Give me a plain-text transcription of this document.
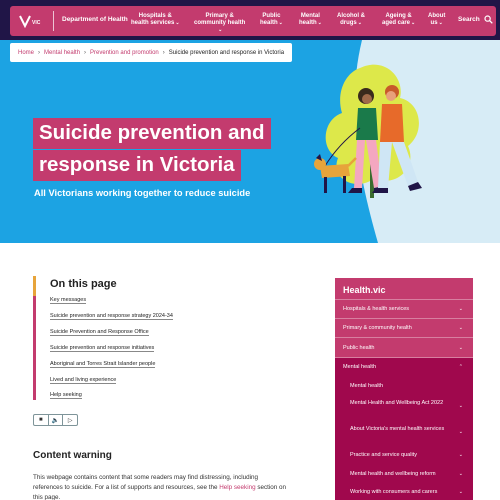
VIC	Department of Health	Hospitals &
health services⌄
Primary &
community health
⌄
Public
health⌄
Mental
health⌄
Alcohol &
drugs⌄
Ageing &
aged care⌄
About
us⌄	Search
Home › Mental health › Prevention and promotion › Suicide prevention and response in Victoria
Suicide prevention and
response in Victoria
All Victorians working together to reduce suicide
On this page
Key messages
Suicide prevention and response strategy 2024-34
Suicide Prevention and Response Office
Suicide prevention and response initiatives
Aboriginal and Torres Strait Islander people
Lived and living experience
Help seeking
■	🔈	▷
Content warning
This webpage contains content that some readers may find distressing, including references to suicide. For a list of supports and resources, see the Help seeking section on this page.
Health.vic
Hospitals & health services	⌄
Primary & community health	⌄
Public health	⌄
Mental health	⌃
Mental health
Mental Health and Wellbeing Act 2022	⌄
About Victoria's mental health services	⌄
Practice and service quality	⌄
Mental health and wellbeing reform	⌄
Working with consumers and carers	⌄
